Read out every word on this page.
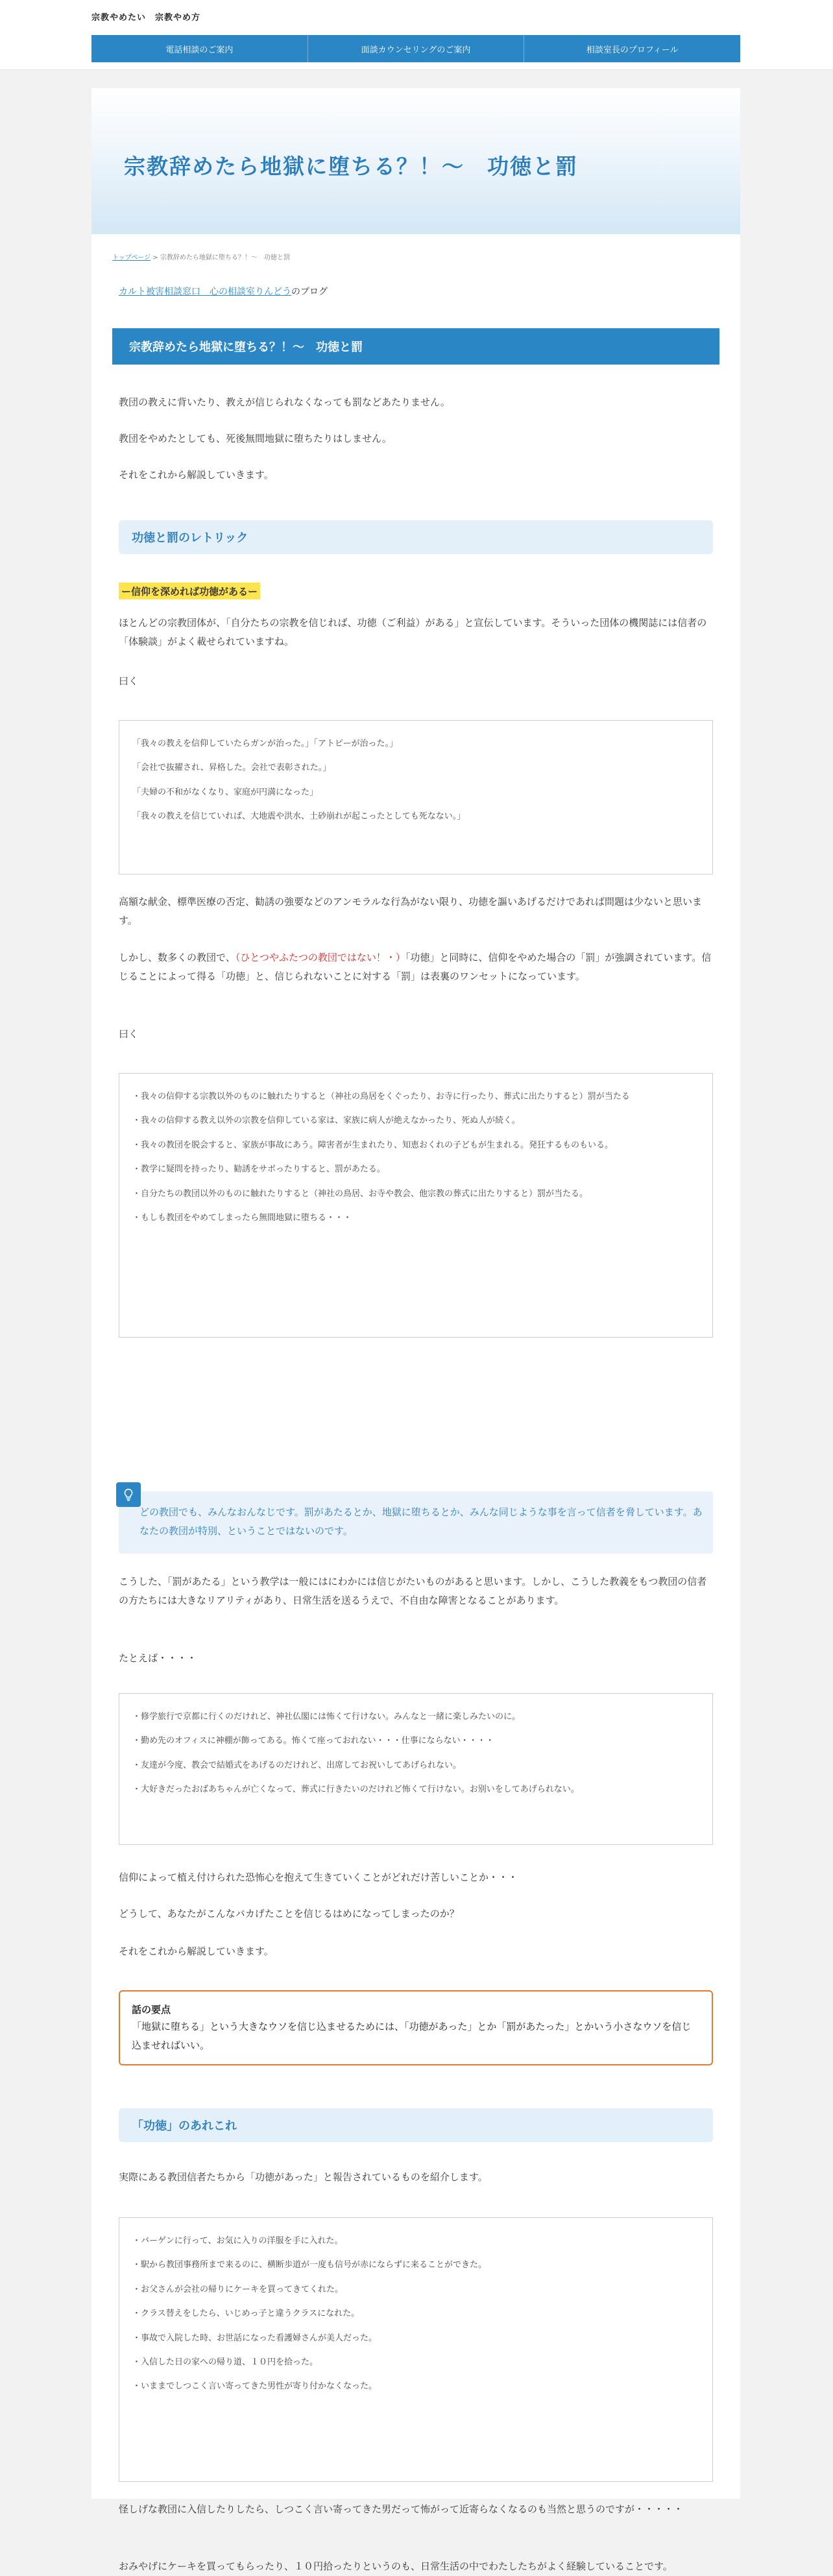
宗教やめたい　宗教やめ方
電話相談のご案内	面談カウンセリングのご案内	相談室長のプロフィール
宗教辞めたら地獄に堕ちる？！～　功徳と罰
トップページ > 宗教辞めたら地獄に堕ちる？！～　功徳と罰
カルト被害相談窓口　心の相談室りんどうのブログ
宗教辞めたら地獄に堕ちる？！～　功徳と罰
教団の教えに背いたり、教えが信じられなくなっても罰などあたりません。
教団をやめたとしても、死後無間地獄に堕ちたりはしません。
それをこれから解説していきます。
功徳と罰のレトリック
ー信仰を深めれば功徳があるー
ほとんどの宗教団体が、「自分たちの宗教を信じれば、功徳（ご利益）がある」と宣伝しています。そういった団体の機関誌には信者の「体験談」がよく載せられていますね。
曰く
「我々の教えを信仰していたらガンが治った。」「アトピーが治った。」
「会社で抜擢され、昇格した。会社で表彰された。」
「夫婦の不和がなくなり、家庭が円満になった」
「我々の教えを信じていれば、大地震や洪水、土砂崩れが起こったとしても死なない。」
高額な献金、標準医療の否定、勧誘の強要などのアンモラルな行為がない限り、功徳を謳いあげるだけであれば問題は少ないと思います。
しかし、数多くの教団で、（ひとつやふたつの教団ではない！・）「功徳」と同時に、信仰をやめた場合の「罰」が強調されています。信じることによって得る「功徳」と、信じられないことに対する「罰」は表裏のワンセットになっています。
曰く
・我々の信仰する宗教以外のものに触れたりすると（神社の鳥居をくぐったり、お寺に行ったり、葬式に出たりすると）罰が当たる
・我々の信仰する教え以外の宗教を信仰している家は、家族に病人が絶えなかったり、死ぬ人が続く。
・我々の教団を脱会すると、家族が事故にあう。障害者が生まれたり、知恵おくれの子どもが生まれる。発狂するものもいる。
・教学に疑問を持ったり、勧誘をサボったりすると、罰があたる。
・自分たちの教団以外のものに触れたりすると（神社の鳥居、お寺や教会、他宗教の葬式に出たりすると）罰が当たる。
・もしも教団をやめてしまったら無間地獄に堕ちる・・・
どの教団でも、みんなおんなじです。罰があたるとか、地獄に堕ちるとか、みんな同じような事を言って信者を脅しています。あなたの教団が特別、ということではないのです。
こうした、「罰があたる」という教学は一般にはにわかには信じがたいものがあると思います。しかし、こうした教義をもつ教団の信者の方たちには大きなリアリティがあり、日常生活を送るうえで、不自由な障害となることがあります。
たとえば・・・・
・修学旅行で京都に行くのだけれど、神社仏閣には怖くて行けない。みんなと一緒に楽しみたいのに。
・勤め先のオフィスに神棚が飾ってある。怖くて座っておれない・・・仕事にならない・・・・
・友達が今度、教会で結婚式をあげるのだけれど、出席してお祝いしてあげられない。
・大好きだったおばあちゃんが亡くなって、葬式に行きたいのだけれど怖くて行けない。お别いをしてあげられない。
信仰によって植え付けられた恐怖心を抱えて生きていくことがどれだけ苦しいことか・・・
どうして、あなたがこんなバカげたことを信じるはめになってしまったのか？
それをこれから解説していきます。
話の要点
「地獄に堕ちる」という大きなウソを信じ込ませるためには、「功徳があった」とか「罰があたった」とかいう小さなウソを信じ込ませればいい。
「功徳」のあれこれ
実際にある教団信者たちから「功徳があった」と報告されているものを紹介します。
・バーゲンに行って、お気に入りの洋服を手に入れた。
・駅から教団事務所まで来るのに、横断歩道が一度も信号が赤にならずに来ることができた。
・お父さんが会社の帰りにケーキを買ってきてくれた。
・クラス替えをしたら、いじめっ子と違うクラスになれた。
・事故で入院した時、お世話になった看護婦さんが美人だった。
・入信した日の家への帰り道、１０円を拾った。
・いままでしつこく言い寄ってきた男性が寄り付かなくなった。
怪しげな教団に入信したりしたら、しつこく言い寄ってきた男だって怖がって近寄らなくなるのも当然と思うのですが・・・・・
おみやげにケーキを買ってもらったり、１０円拾ったりというのも、日常生活の中でわたしたちがよく経験していることです。
